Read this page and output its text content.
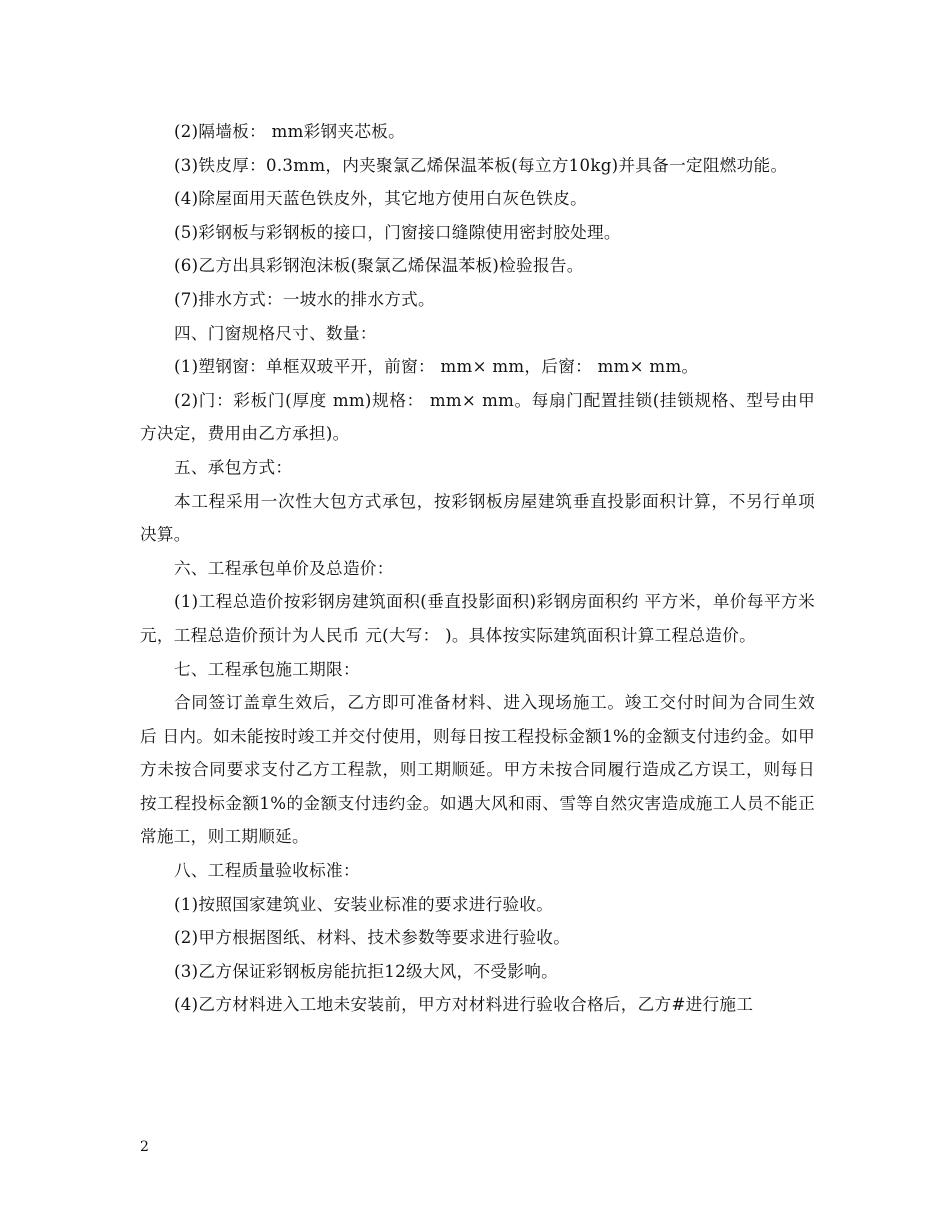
(2)隔墙板： mm彩钢夹芯板。

(3)铁皮厚：0.3mm，内夹聚氯乙烯保温苯板(每立方10kg)并具备一定阻燃功能。

(4)除屋面用天蓝色铁皮外，其它地方使用白灰色铁皮。

(5)彩钢板与彩钢板的接口，门窗接口缝隙使用密封胶处理。

(6)乙方出具彩钢泡沫板(聚氯乙烯保温苯板)检验报告。

(7)排水方式：一坡水的排水方式。

四、门窗规格尺寸、数量：

(1)塑钢窗：单框双玻平开，前窗： mm× mm，后窗： mm× mm。

(2)门：彩板门(厚度 mm)规格： mm× mm。每扇门配置挂锁(挂锁规格、型号由甲方决定，费用由乙方承担)。

五、承包方式：

本工程采用一次性大包方式承包，按彩钢板房屋建筑垂直投影面积计算，不另行单项决算。

六、工程承包单价及总造价：

(1)工程总造价按彩钢房建筑面积(垂直投影面积)彩钢房面积约 平方米，单价每平方米 元，工程总造价预计为人民币 元(大写： )。具体按实际建筑面积计算工程总造价。

七、工程承包施工期限：

合同签订盖章生效后，乙方即可准备材料、进入现场施工。竣工交付时间为合同生效后 日内。如未能按时竣工并交付使用，则每日按工程投标金额1%的金额支付违约金。如甲方未按合同要求支付乙方工程款，则工期顺延。甲方未按合同履行造成乙方误工，则每日按工程投标金额1%的金额支付违约金。如遇大风和雨、雪等自然灾害造成施工人员不能正常施工，则工期顺延。

八、工程质量验收标准：

(1)按照国家建筑业、安装业标准的要求进行验收。

(2)甲方根据图纸、材料、技术参数等要求进行验收。

(3)乙方保证彩钢板房能抗拒12级大风，不受影响。

(4)乙方材料进入工地未安装前，甲方对材料进行验收合格后，乙方#进行施工

2
